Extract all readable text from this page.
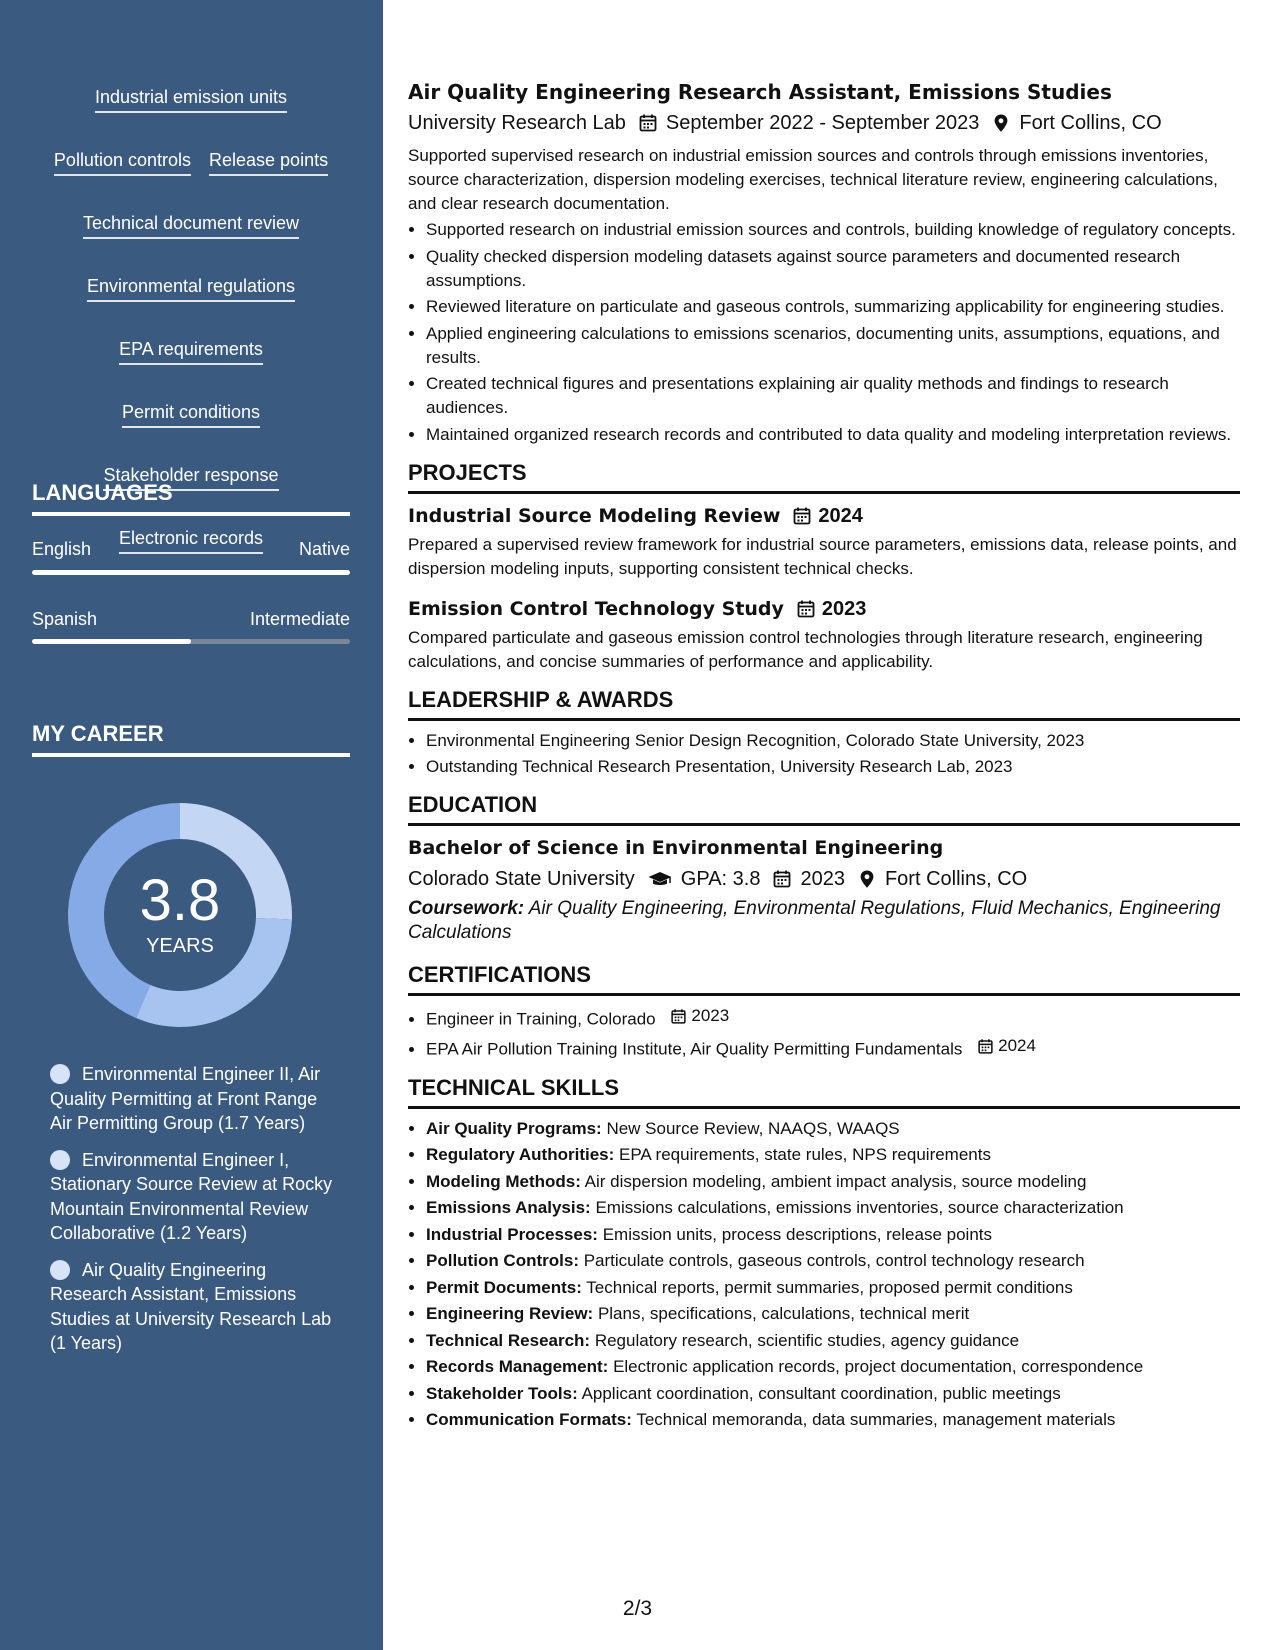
Industrial emission units
Pollution controls Release points
Technical document review
Environmental regulations
EPA requirements
Permit conditions
Stakeholder response
Electronic records
LANGUAGES
English	Native
Spanish	Intermediate
MY CAREER
3.8
YEARS
Environmental Engineer II, Air Quality Permitting at Front Range Air Permitting Group (1.7 Years)
Environmental Engineer I, Stationary Source Review at Rocky Mountain Environmental Review Collaborative (1.2 Years)
Air Quality Engineering Research Assistant, Emissions Studies at University Research Lab (1 Years)
Air Quality Engineering Research Assistant, Emissions Studies
University Research Lab September 2022 - September 2023 Fort Collins, CO
Supported supervised research on industrial emission sources and controls through emissions inventories, source characterization, dispersion modeling exercises, technical literature review, engineering calculations, and clear research documentation.
• Supported research on industrial emission sources and controls, building knowledge of regulatory concepts.
• Quality checked dispersion modeling datasets against source parameters and documented research assumptions.
• Reviewed literature on particulate and gaseous controls, summarizing applicability for engineering studies.
• Applied engineering calculations to emissions scenarios, documenting units, assumptions, equations, and results.
• Created technical figures and presentations explaining air quality methods and findings to research audiences.
• Maintained organized research records and contributed to data quality and modeling interpretation reviews.
PROJECTS
Industrial Source Modeling Review 2024
Prepared a supervised review framework for industrial source parameters, emissions data, release points, and dispersion modeling inputs, supporting consistent technical checks.
Emission Control Technology Study 2023
Compared particulate and gaseous emission control technologies through literature research, engineering calculations, and concise summaries of performance and applicability.
LEADERSHIP & AWARDS
• Environmental Engineering Senior Design Recognition, Colorado State University, 2023
• Outstanding Technical Research Presentation, University Research Lab, 2023
EDUCATION
Bachelor of Science in Environmental Engineering
Colorado State University GPA: 3.8 2023 Fort Collins, CO
Coursework: Air Quality Engineering, Environmental Regulations, Fluid Mechanics, Engineering Calculations
CERTIFICATIONS
• Engineer in Training, Colorado 2023
• EPA Air Pollution Training Institute, Air Quality Permitting Fundamentals 2024
TECHNICAL SKILLS
• Air Quality Programs: New Source Review, NAAQS, WAAQS
• Regulatory Authorities: EPA requirements, state rules, NPS requirements
• Modeling Methods: Air dispersion modeling, ambient impact analysis, source modeling
• Emissions Analysis: Emissions calculations, emissions inventories, source characterization
• Industrial Processes: Emission units, process descriptions, release points
• Pollution Controls: Particulate controls, gaseous controls, control technology research
• Permit Documents: Technical reports, permit summaries, proposed permit conditions
• Engineering Review: Plans, specifications, calculations, technical merit
• Technical Research: Regulatory research, scientific studies, agency guidance
• Records Management: Electronic application records, project documentation, correspondence
• Stakeholder Tools: Applicant coordination, consultant coordination, public meetings
• Communication Formats: Technical memoranda, data summaries, management materials
2/3
